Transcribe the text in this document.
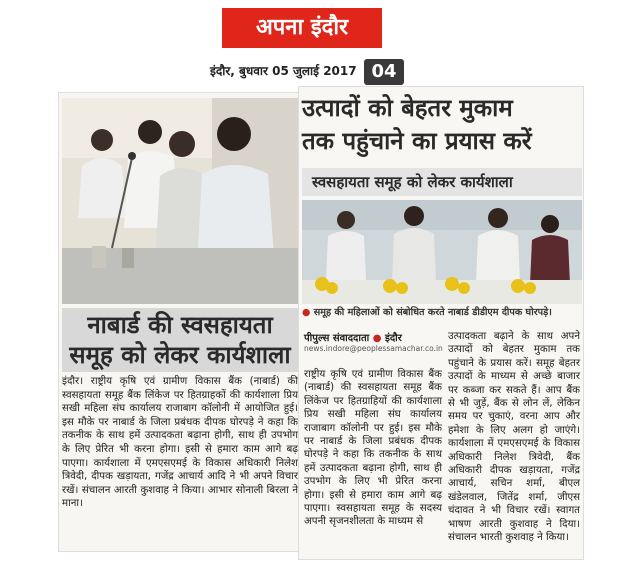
अपना इंदौर
इंदौर, बुधवार 05 जुलाई 2017 04
नाबार्ड की स्वसहायता
समूह को लेकर कार्यशाला
इंदौर। राष्ट्रीय कृषि एवं ग्रामीण विकास बैंक (नाबार्ड) की स्वसहायता समूह बैंक लिंकेज पर हितग्राहकों की कार्यशाला प्रिय सखी महिला संघ कार्यालय राजाबाग कॉलोनी में आयोजित हुई। इस मौके पर नाबार्ड के जिला प्रबंधक दीपक घोरपड़े ने कहा कि तकनीक के साथ हमें उत्पादकता बढ़ाना होगी, साथ ही उपभोग के लिए प्रेरित भी करना होगा। इसी से हमारा काम आगे बढ़ पाएगा। कार्यशाला में एमएसएमई के विकास अधिकारी निलेश त्रिवेदी, दीपक खड़ायता, गजेंद्र आचार्य आदि ने भी अपने विचार रखें। संचालन आरती कुशवाह ने किया। आभार सोनाली बिरला ने माना।
उत्पादों को बेहतर मुकाम
तक पहुंचाने का प्रयास करें
स्वसहायता समूह को लेकर कार्यशाला
● समूह की महिलाओं को संबोधित करते नाबार्ड डीडीएम दीपक घोरपड़े।
पीपुल्स संवाददाता ● इंदौर
news.indore@peoplessamachar.co.in
राष्ट्रीय कृषि एवं ग्रामीण विकास बैंक (नाबार्ड) की स्वसहायता समूह बैंक लिंकेज पर हितग्राहियों की कार्यशाला प्रिय सखी महिला संघ कार्यालय राजाबाग कॉलोनी पर हुई। इस मौके पर नाबार्ड के जिला प्रबंधक दीपक घोरपड़े ने कहा कि तकनीक के साथ हमें उत्पादकता बढ़ाना होगी, साथ ही उपभोग के लिए भी प्रेरित करना होगा। इसी से हमारा काम आगे बढ़ पाएगा। स्वसहायता समूह के सदस्य अपनी सृजनशीलता के माध्यम से
उत्पादकता बढ़ाने के साथ अपने उत्पादों को बेहतर मुकाम तक पहुंचाने के प्रयास करें। समूह बेहतर उत्पादों के माध्यम से अच्छे बाजार पर कब्जा कर सकते हैं। आप बैंक से भी जुड़ें, बैंक से लोन लें, लेकिन समय पर चुकाएं, वरना आप और हमेशा के लिए अलग हो जाएंगे। कार्यशाला में एमएसएमई के विकास अधिकारी निलेश त्रिवेदी, बैंक अधिकारी दीपक खड़ायता, गजेंद्र आचार्य, सचिन शर्मा, बीएल खंडेलवाल, जितेंद्र शर्मा, जीएस चंदावत ने भी विचार रखें। स्वागत भाषण आरती कुशवाह ने दिया। संचालन भारती कुशवाह ने किया।
